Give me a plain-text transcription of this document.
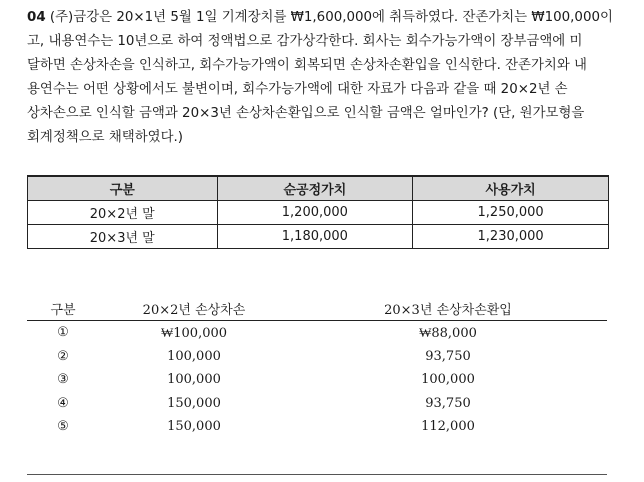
04 (주)금강은 20×1년 5월 1일 기계장치를 ₩1,600,000에 취득하였다. 잔존가치는 ₩100,000이
고, 내용연수는 10년으로 하여 정액법으로 감가상각한다. 회사는 회수가능가액이 장부금액에 미
달하면 손상차손을 인식하고, 회수가능가액이 회복되면 손상차손환입을 인식한다. 잔존가치와 내
용연수는 어떤 상황에서도 불변이며, 회수가능가액에 대한 자료가 다음과 같을 때 20×2년 손
상차손으로 인식할 금액과 20×3년 손상차손환입으로 인식할 금액은 얼마인가? (단, 원가모형을
회계정책으로 채택하였다.)
구분	순공정가치	사용가치
20×2년 말	1,200,000	1,250,000
20×3년 말	1,180,000	1,230,000
구분	20×2년 손상차손	20×3년 손상차손환입
①	₩100,000	₩88,000
②	100,000	93,750
③	100,000	100,000
④	150,000	93,750
⑤	150,000	112,000
